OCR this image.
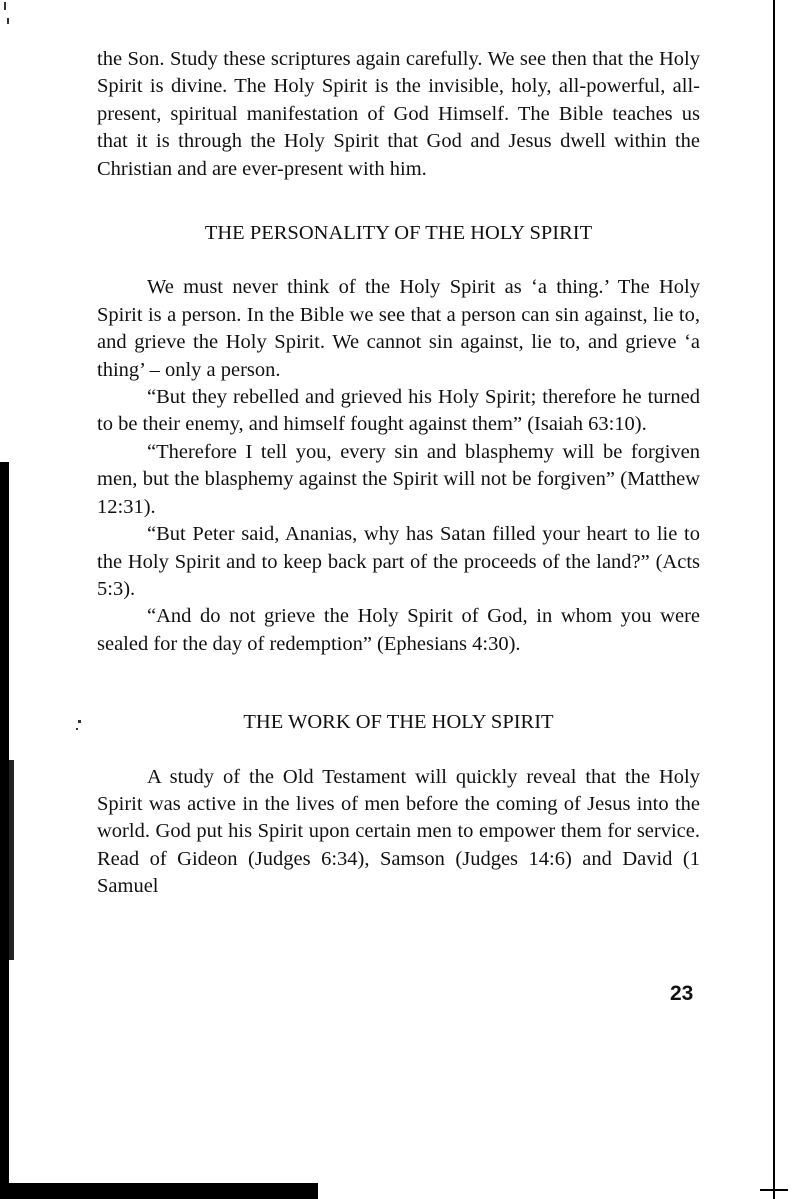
the Son. Study these scriptures again carefully. We see then that the Holy Spirit is divine. The Holy Spirit is the invisible, holy, all-powerful, all-present, spiritual manifestation of God Himself. The Bible teaches us that it is through the Holy Spirit that God and Jesus dwell within the Christian and are ever-present with him.

THE PERSONALITY OF THE HOLY SPIRIT

We must never think of the Holy Spirit as ‘a thing.’ The Holy Spirit is a person. In the Bible we see that a person can sin against, lie to, and grieve the Holy Spirit. We cannot sin against, lie to, and grieve ‘a thing’ – only a person.

“But they rebelled and grieved his Holy Spirit; therefore he turned to be their enemy, and himself fought against them” (Isaiah 63:10).

“Therefore I tell you, every sin and blasphemy will be forgiven men, but the blasphemy against the Spirit will not be forgiven” (Matthew 12:31).

“But Peter said, Ananias, why has Satan filled your heart to lie to the Holy Spirit and to keep back part of the proceeds of the land?” (Acts 5:3).

“And do not grieve the Holy Spirit of God, in whom you were sealed for the day of redemption” (Ephesians 4:30).

THE WORK OF THE HOLY SPIRIT

A study of the Old Testament will quickly reveal that the Holy Spirit was active in the lives of men before the coming of Jesus into the world. God put his Spirit upon certain men to empower them for service. Read of Gideon (Judges 6:34), Samson (Judges 14:6) and David (1 Samuel

23
